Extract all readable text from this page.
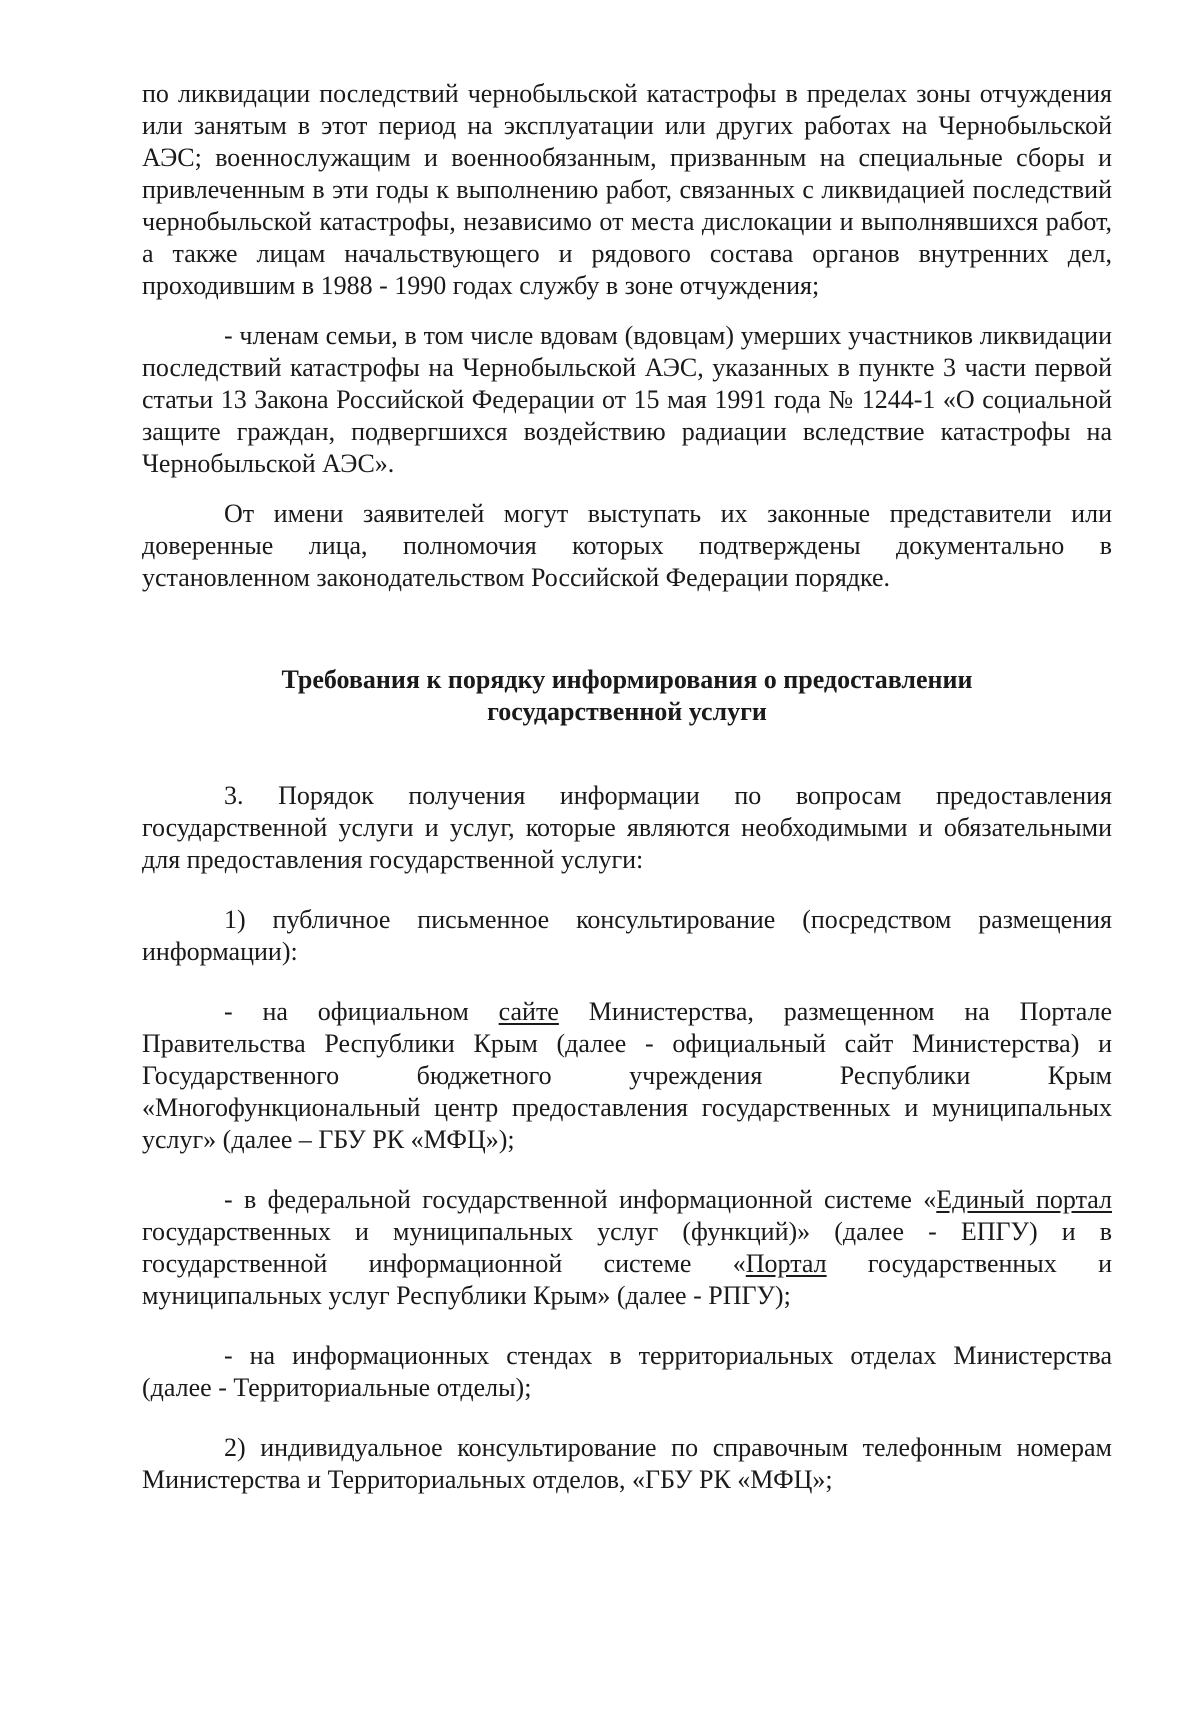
по ликвидации последствий чернобыльской катастрофы в пределах зоны отчуждения или занятым в этот период на эксплуатации или других работах на Чернобыльской АЭС; военнослужащим и военнообязанным, призванным на специальные сборы и привлеченным в эти годы к выполнению работ, связанных с ликвидацией последствий чернобыльской катастрофы, независимо от места дислокации и выполнявшихся работ, а также лицам начальствующего и рядового состава органов внутренних дел, проходившим в 1988 - 1990 годах службу в зоне отчуждения;

- членам семьи, в том числе вдовам (вдовцам) умерших участников ликвидации последствий катастрофы на Чернобыльской АЭС, указанных в пункте 3 части первой статьи 13 Закона Российской Федерации от 15 мая 1991 года № 1244-1 «О социальной защите граждан, подвергшихся воздействию радиации вследствие катастрофы на Чернобыльской АЭС».

От имени заявителей могут выступать их законные представители или доверенные лица, полномочия которых подтверждены документально в установленном законодательством Российской Федерации порядке.

Требования к порядку информирования о предоставлении
государственной услуги

3. Порядок получения информации по вопросам предоставления государственной услуги и услуг, которые являются необходимыми и обязательными для предоставления государственной услуги:

1) публичное письменное консультирование (посредством размещения информации):

- на официальном сайте Министерства, размещенном на Портале Правительства Республики Крым (далее - официальный сайт Министерства) и Государственного бюджетного учреждения Республики Крым «Многофункциональный центр предоставления государственных и муниципальных услуг» (далее – ГБУ РК «МФЦ»);

- в федеральной государственной информационной системе «Единый портал государственных и муниципальных услуг (функций)» (далее - ЕПГУ) и в государственной информационной системе «Портал государственных и муниципальных услуг Республики Крым» (далее - РПГУ);

- на информационных стендах в территориальных отделах Министерства (далее - Территориальные отделы);

2) индивидуальное консультирование по справочным телефонным номерам Министерства и Территориальных отделов, «ГБУ РК «МФЦ»;
